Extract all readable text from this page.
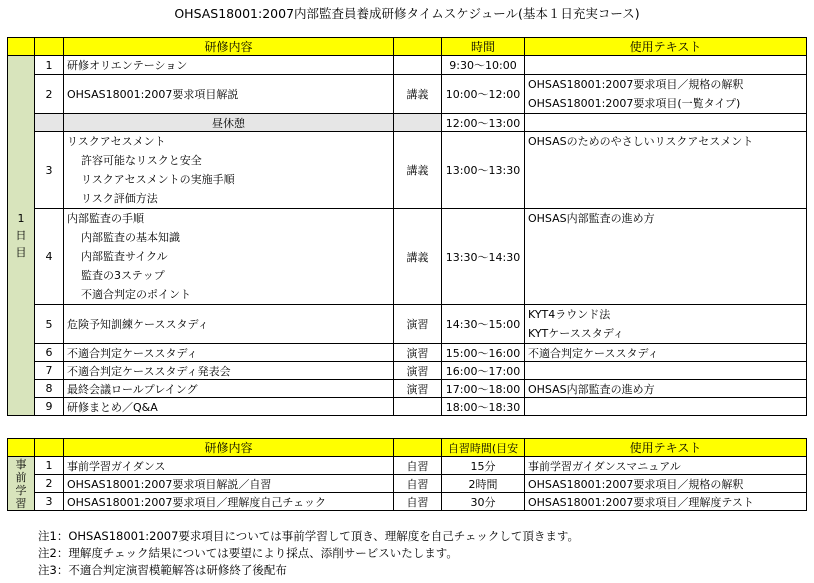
OHSAS18001:2007内部監査員養成研修タイムスケジュール(基本１日充実コース)
		研修内容		時間	使用テキスト
1
日
目	1	研修オリエンテーション		9:30～10:00	
	2	OHSAS18001:2007要求項目解説	講義	10:00～12:00	OHSAS18001:2007要求項目／規格の解釈
OHSAS18001:2007要求項目(一覧タイプ)

		昼休憩		12:00～13:00	
	3	リスクアセスメント
許容可能なリスクと安全
リスクアセスメントの実施手順
リスク評価方法	講義	13:00～13:30	OHSASのためのやさしいリスクアセスメント
	4	内部監査の手順
内部監査の基本知識
内部監査サイクル
監査の3ステップ
不適合判定のポイント	講義	13:30～14:30	OHSAS内部監査の進め方
	5	危険予知訓練ケーススタディ	演習	14:30～15:00	KYT4ラウンド法
KYTケーススタディ

	6	不適合判定ケーススタディ	演習	15:00～16:00	不適合判定ケーススタディ
	7	不適合判定ケーススタディ発表会	演習	16:00～17:00	
	8	最終会議ロールプレイング	演習	17:00～18:00	OHSAS内部監査の進め方
	9	研修まとめ／Q&A		18:00～18:30	
		研修内容		自習時間(目安	使用テキスト
事
前
学
習	1	事前学習ガイダンス	自習	15分	事前学習ガイダンスマニュアル
	2	OHSAS18001:2007要求項目解説／自習	自習	2時間	OHSAS18001:2007要求項目／規格の解釈
	3	OHSAS18001:2007要求項目／理解度自己チェック	自習	30分	OHSAS18001:2007要求項目／理解度テスト
注1：OHSAS18001:2007要求項目については事前学習して頂き、理解度を自己チェックして頂きます。
注2：理解度チェック結果については要望により採点、添削サービスいたします。
注3：不適合判定演習模範解答は研修終了後配布
